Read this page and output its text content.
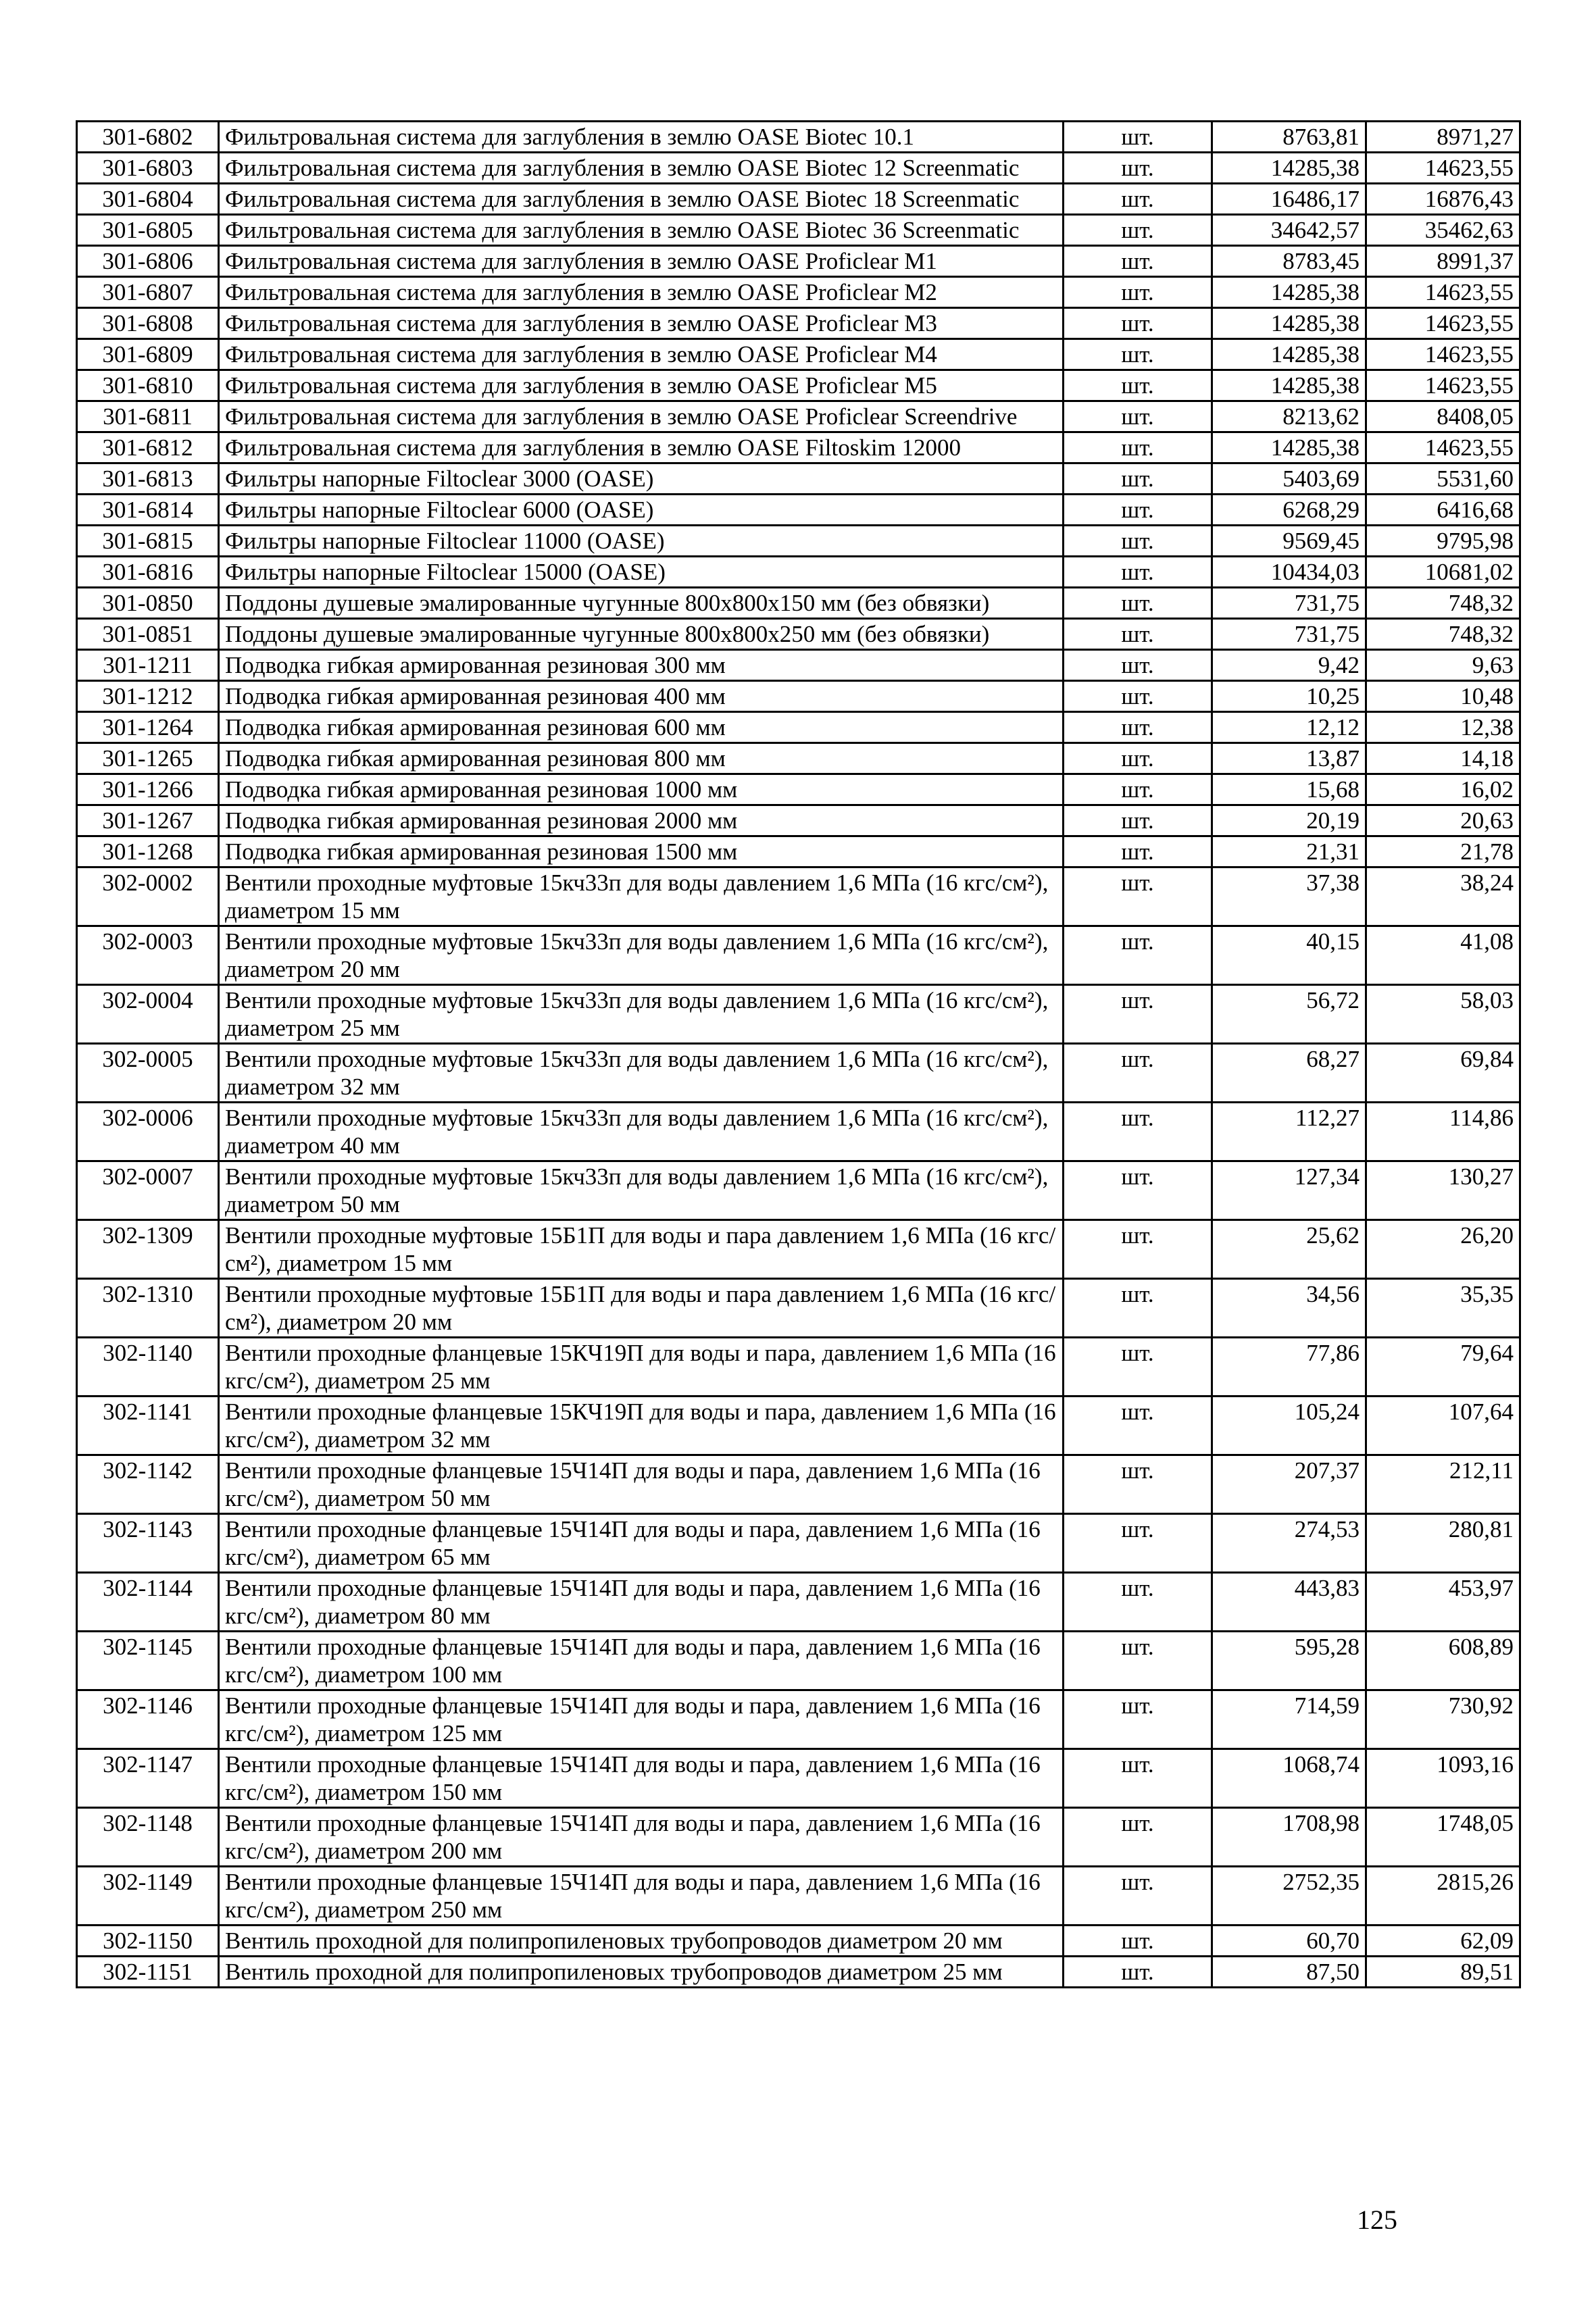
301-6802	Фильтровальная система для заглубления в землю OASE Biotec 10.1	шт.	8763,81	8971,27
301-6803	Фильтровальная система для заглубления в землю OASE Biotec 12 Screenmatic	шт.	14285,38	14623,55
301-6804	Фильтровальная система для заглубления в землю OASE Biotec 18 Screenmatic	шт.	16486,17	16876,43
301-6805	Фильтровальная система для заглубления в землю OASE Biotec 36 Screenmatic	шт.	34642,57	35462,63
301-6806	Фильтровальная система для заглубления в землю OASE Proficlear M1	шт.	8783,45	8991,37
301-6807	Фильтровальная система для заглубления в землю OASE Proficlear M2	шт.	14285,38	14623,55
301-6808	Фильтровальная система для заглубления в землю OASE Proficlear M3	шт.	14285,38	14623,55
301-6809	Фильтровальная система для заглубления в землю OASE Proficlear M4	шт.	14285,38	14623,55
301-6810	Фильтровальная система для заглубления в землю OASE Proficlear M5	шт.	14285,38	14623,55
301-6811	Фильтровальная система для заглубления в землю OASE Proficlear Screendrive	шт.	8213,62	8408,05
301-6812	Фильтровальная система для заглубления в землю OASE Filtoskim 12000	шт.	14285,38	14623,55
301-6813	Фильтры напорные Filtoclear 3000 (OASE)	шт.	5403,69	5531,60
301-6814	Фильтры напорные Filtoclear 6000 (OASE)	шт.	6268,29	6416,68
301-6815	Фильтры напорные Filtoclear 11000 (OASE)	шт.	9569,45	9795,98
301-6816	Фильтры напорные Filtoclear 15000 (OASE)	шт.	10434,03	10681,02
301-0850	Поддоны душевые эмалированные чугунные 800x800x150 мм (без обвязки)	шт.	731,75	748,32
301-0851	Поддоны душевые эмалированные чугунные 800x800x250 мм (без обвязки)	шт.	731,75	748,32
301-1211	Подводка гибкая армированная резиновая 300 мм	шт.	9,42	9,63
301-1212	Подводка гибкая армированная резиновая 400 мм	шт.	10,25	10,48
301-1264	Подводка гибкая армированная резиновая 600 мм	шт.	12,12	12,38
301-1265	Подводка гибкая армированная резиновая 800 мм	шт.	13,87	14,18
301-1266	Подводка гибкая армированная резиновая 1000 мм	шт.	15,68	16,02
301-1267	Подводка гибкая армированная резиновая 2000 мм	шт.	20,19	20,63
301-1268	Подводка гибкая армированная резиновая 1500 мм	шт.	21,31	21,78
302-0002	Вентили проходные муфтовые 15кч33п для воды давлением 1,6 МПа (16 кгс/см²), диаметром 15 мм	шт.	37,38	38,24
302-0003	Вентили проходные муфтовые 15кч33п для воды давлением 1,6 МПа (16 кгс/см²), диаметром 20 мм	шт.	40,15	41,08
302-0004	Вентили проходные муфтовые 15кч33п для воды давлением 1,6 МПа (16 кгс/см²), диаметром 25 мм	шт.	56,72	58,03
302-0005	Вентили проходные муфтовые 15кч33п для воды давлением 1,6 МПа (16 кгс/см²), диаметром 32 мм	шт.	68,27	69,84
302-0006	Вентили проходные муфтовые 15кч33п для воды давлением 1,6 МПа (16 кгс/см²), диаметром 40 мм	шт.	112,27	114,86
302-0007	Вентили проходные муфтовые 15кч33п для воды давлением 1,6 МПа (16 кгс/см²), диаметром 50 мм	шт.	127,34	130,27
302-1309	Вентили проходные муфтовые 15Б1П для воды и пара давлением 1,6 МПа (16 кгс/см²), диаметром 15 мм	шт.	25,62	26,20
302-1310	Вентили проходные муфтовые 15Б1П для воды и пара давлением 1,6 МПа (16 кгс/см²), диаметром 20 мм	шт.	34,56	35,35
302-1140	Вентили проходные фланцевые 15КЧ19П для воды и пара, давлением 1,6 МПа (16 кгс/см²), диаметром 25 мм	шт.	77,86	79,64
302-1141	Вентили проходные фланцевые 15КЧ19П для воды и пара, давлением 1,6 МПа (16 кгс/см²), диаметром 32 мм	шт.	105,24	107,64
302-1142	Вентили проходные фланцевые 15Ч14П для воды и пара, давлением 1,6 МПа (16 кгс/см²), диаметром 50 мм	шт.	207,37	212,11
302-1143	Вентили проходные фланцевые 15Ч14П для воды и пара, давлением 1,6 МПа (16 кгс/см²), диаметром 65 мм	шт.	274,53	280,81
302-1144	Вентили проходные фланцевые 15Ч14П для воды и пара, давлением 1,6 МПа (16 кгс/см²), диаметром 80 мм	шт.	443,83	453,97
302-1145	Вентили проходные фланцевые 15Ч14П для воды и пара, давлением 1,6 МПа (16 кгс/см²), диаметром 100 мм	шт.	595,28	608,89
302-1146	Вентили проходные фланцевые 15Ч14П для воды и пара, давлением 1,6 МПа (16 кгс/см²), диаметром 125 мм	шт.	714,59	730,92
302-1147	Вентили проходные фланцевые 15Ч14П для воды и пара, давлением 1,6 МПа (16 кгс/см²), диаметром 150 мм	шт.	1068,74	1093,16
302-1148	Вентили проходные фланцевые 15Ч14П для воды и пара, давлением 1,6 МПа (16 кгс/см²), диаметром 200 мм	шт.	1708,98	1748,05
302-1149	Вентили проходные фланцевые 15Ч14П для воды и пара, давлением 1,6 МПа (16 кгс/см²), диаметром 250 мм	шт.	2752,35	2815,26
302-1150	Вентиль проходной для полипропиленовых трубопроводов диаметром 20 мм	шт.	60,70	62,09
302-1151	Вентиль проходной для полипропиленовых трубопроводов диаметром 25 мм	шт.	87,50	89,51
125
